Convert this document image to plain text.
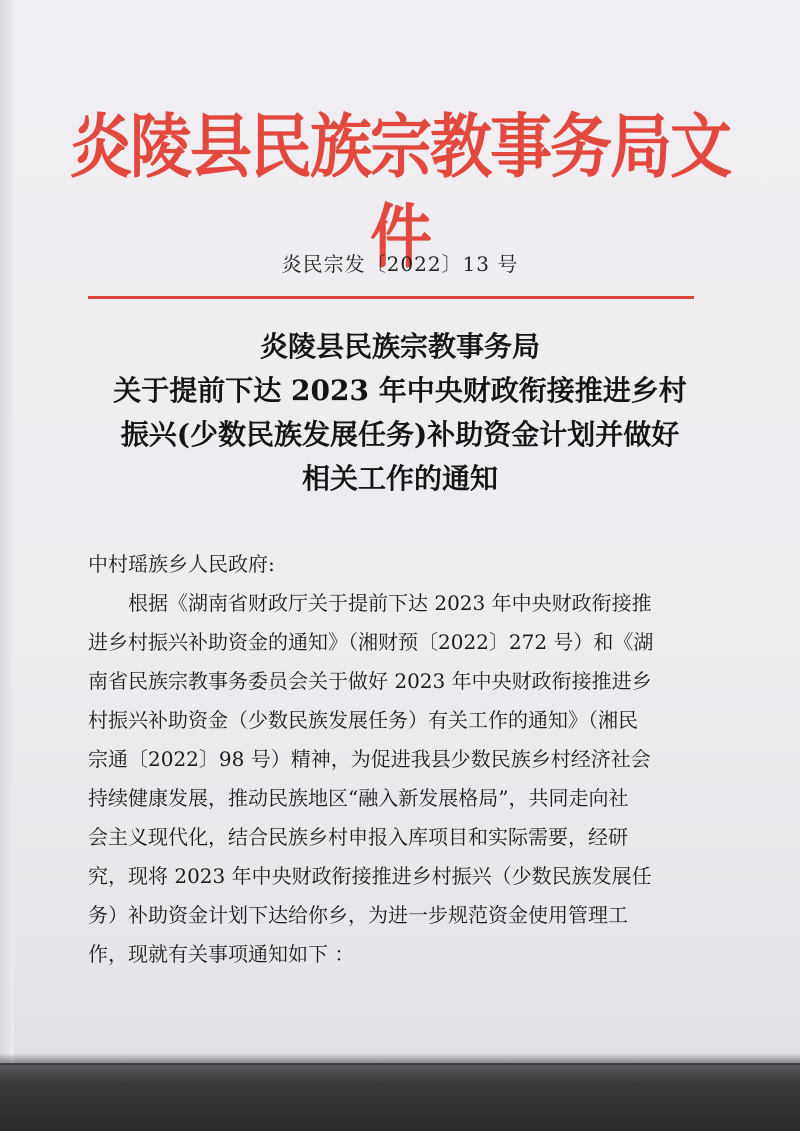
炎陵县民族宗教事务局文件
炎民宗发〔2022〕13 号
炎陵县民族宗教事务局
关于提前下达 2023 年中央财政衔接推进乡村
振兴(少数民族发展任务)补助资金计划并做好
相关工作的通知
中村瑶族乡人民政府:
根据《湖南省财政厅关于提前下达 2023 年中央财政衔接推
进乡村振兴补助资金的通知》（湘财预〔2022〕272 号）和《湖
南省民族宗教事务委员会关于做好 2023 年中央财政衔接推进乡
村振兴补助资金（少数民族发展任务）有关工作的通知》（湘民
宗通〔2022〕98 号）精神，为促进我县少数民族乡村经济社会
持续健康发展，推动民族地区“融入新发展格局”，共同走向社
会主义现代化，结合民族乡村申报入库项目和实际需要，经研
究，现将 2023 年中央财政衔接推进乡村振兴（少数民族发展任
务）补助资金计划下达给你乡，为进一步规范资金使用管理工
作，现就有关事项通知如下 ：
